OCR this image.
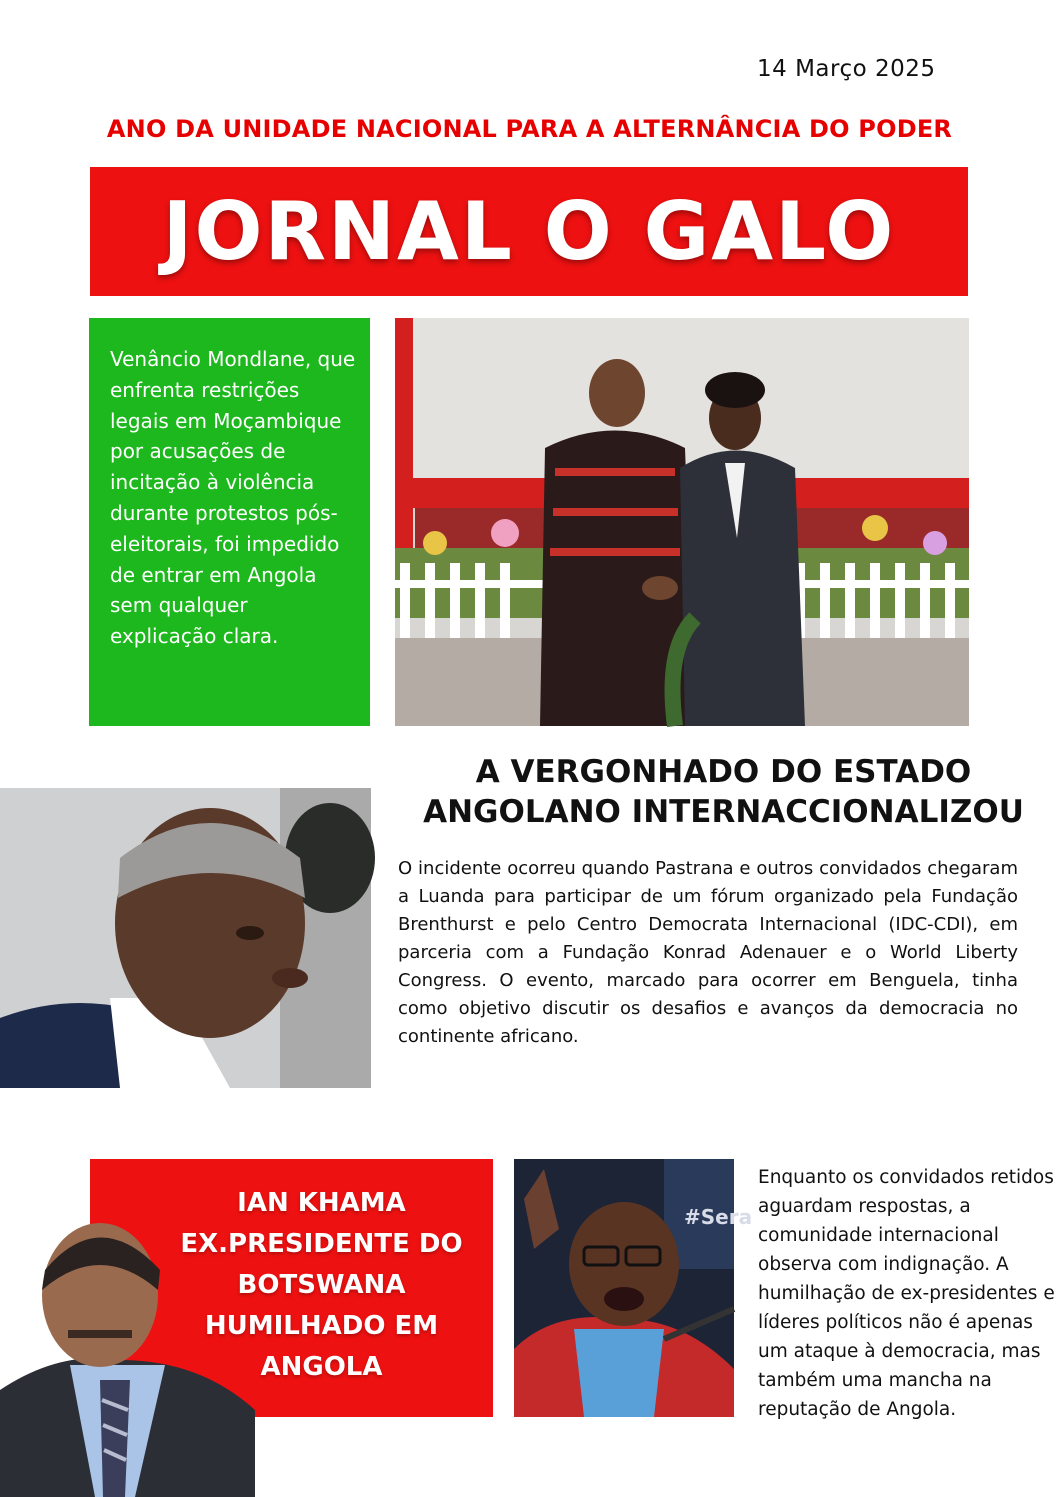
14 Março 2025
ANO DA UNIDADE NACIONAL PARA A ALTERNÂNCIA DO PODER
JORNAL O GALO

Venâncio Mondlane, que enfrenta restrições legais em Moçambique por acusações de incitação à violência durante protestos pós-eleitorais, foi impedido de entrar em Angola sem qualquer explicação clara.

A VERGONHADO DO ESTADO
ANGOLANO INTERNACCIONALIZOU

O incidente ocorreu quando Pastrana e outros convidados chegaram a Luanda para participar de um fórum organizado pela Fundação Brenthurst e pelo Centro Democrata Internacional (IDC-CDI), em parceria com a Fundação Konrad Adenauer e o World Liberty Congress. O evento, marcado para ocorrer em Benguela, tinha como objetivo discutir os desafios e avanços da democracia no continente africano.

IAN KHAMA
EX.PRESIDENTE DO
BOTSWANA
HUMILHADO EM
ANGOLA
#Sera

Enquanto os convidados retidos aguardam respostas, a comunidade internacional observa com indignação. A humilhação de ex-presidentes e líderes políticos não é apenas um ataque à democracia, mas também uma mancha na reputação de Angola.
